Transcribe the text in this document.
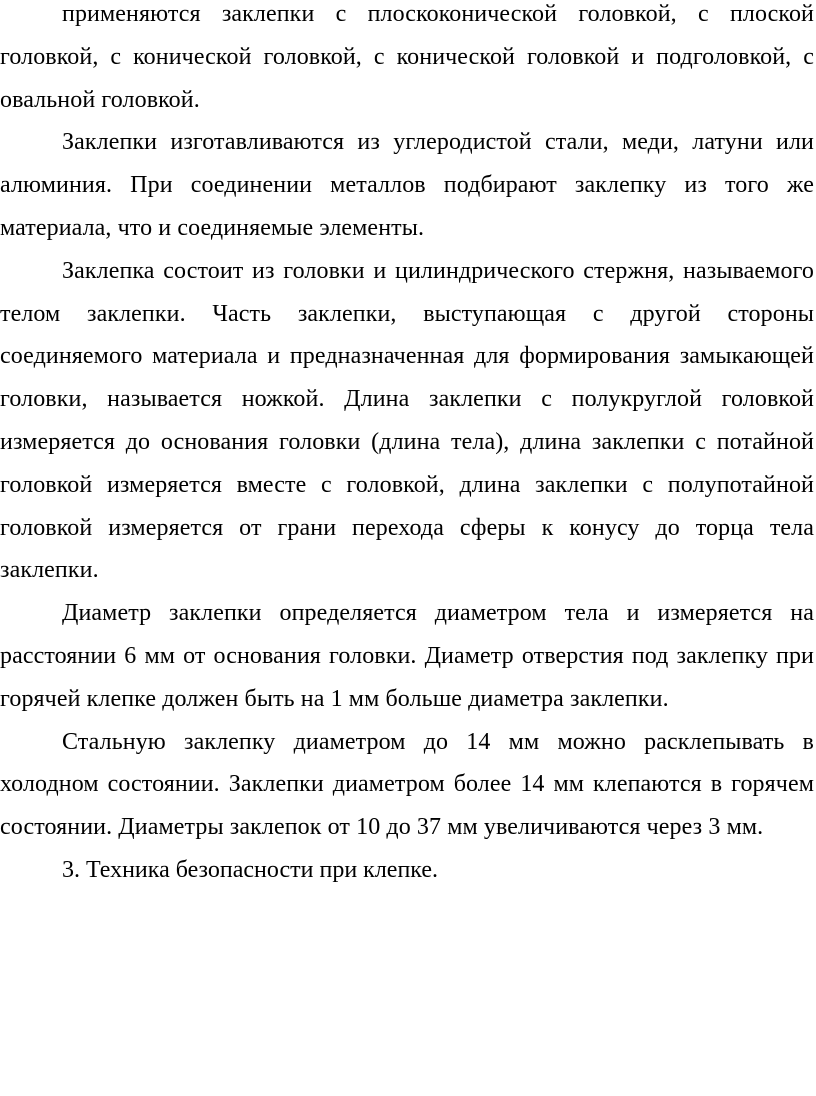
применяются заклепки с плоскоконической головкой, с плоской головкой, с конической головкой, с конической головкой и подголовкой, с овальной головкой.

Заклепки изготавливаются из углеродистой стали, меди, латуни или алюминия. При соединении металлов подбирают заклепку из того же материала, что и соединяемые элементы.

Заклепка состоит из головки и цилиндрического стержня, называемого телом заклепки. Часть заклепки, выступающая с другой стороны соединяемого материала и предназначенная для формирования замыкающей головки, называется ножкой. Длина заклепки с полукруглой головкой измеряется до основания головки (длина тела), длина заклепки с потайной головкой измеряется вместе с головкой, длина заклепки с полупотайной головкой измеряется от грани перехода сферы к конусу до торца тела заклепки.

Диаметр заклепки определяется диаметром тела и измеряется на расстоянии 6 мм от основания головки. Диаметр отверстия под заклепку при горячей клепке должен быть на 1 мм больше диаметра заклепки.

Стальную заклепку диаметром до 14 мм можно расклепывать в холодном состоянии. Заклепки диаметром более 14 мм клепаются в горячем состоянии. Диаметры заклепок от 10 до 37 мм увеличиваются через 3 мм.

3. Техника безопасности при клепке.
